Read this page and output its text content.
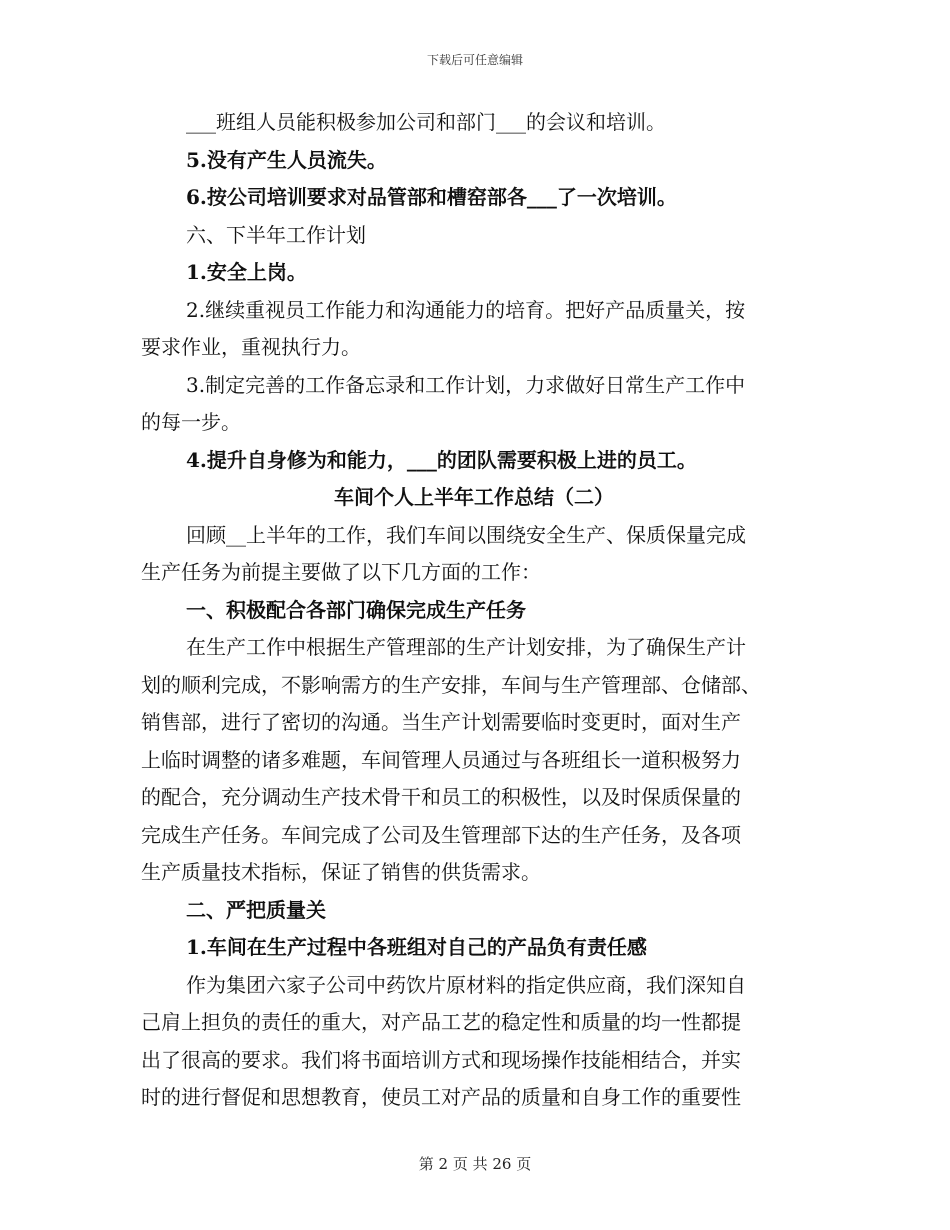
下载后可任意编辑
___班组人员能积极参加公司和部门___的会议和培训。
5.没有产生人员流失。
6.按公司培训要求对品管部和槽窑部各___了一次培训。
六、下半年工作计划
1.安全上岗。
2.继续重视员工作能力和沟通能力的培育。把好产品质量关，按
要求作业，重视执行力。
3.制定完善的工作备忘录和工作计划，力求做好日常生产工作中
的每一步。
4.提升自身修为和能力，___的团队需要积极上进的员工。
车间个人上半年工作总结（二）
回顾__上半年的工作，我们车间以围绕安全生产、保质保量完成
生产任务为前提主要做了以下几方面的工作：
一、积极配合各部门确保完成生产任务
在生产工作中根据生产管理部的生产计划安排，为了确保生产计
划的顺利完成，不影响需方的生产安排，车间与生产管理部、仓储部、
销售部，进行了密切的沟通。当生产计划需要临时变更时，面对生产
上临时调整的诸多难题，车间管理人员通过与各班组长一道积极努力
的配合，充分调动生产技术骨干和员工的积极性，以及时保质保量的
完成生产任务。车间完成了公司及生管理部下达的生产任务，及各项
生产质量技术指标，保证了销售的供货需求。
二、严把质量关
1.车间在生产过程中各班组对自己的产品负有责任感
作为集团六家子公司中药饮片原材料的指定供应商，我们深知自
己肩上担负的责任的重大，对产品工艺的稳定性和质量的均一性都提
出了很高的要求。我们将书面培训方式和现场操作技能相结合，并实
时的进行督促和思想教育，使员工对产品的质量和自身工作的重要性
第 2 页 共 26 页
